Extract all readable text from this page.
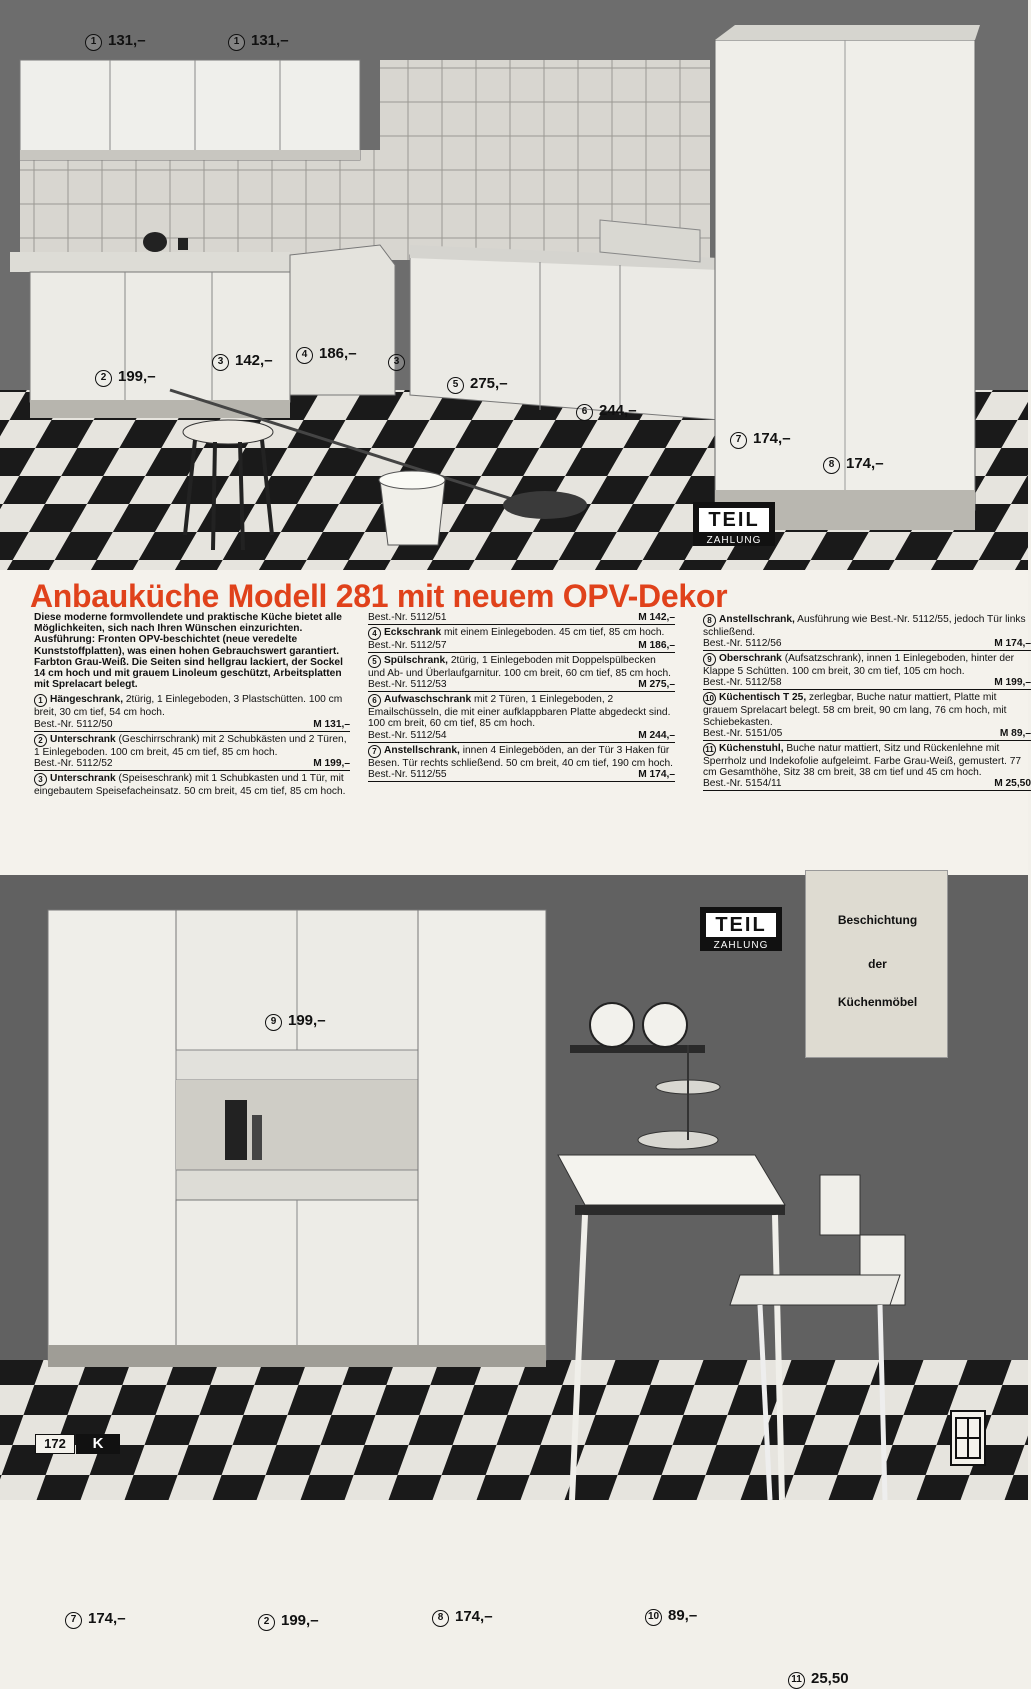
1 131,–	1 131,–
2 199,–
3 142,–	4 186,–	3
5 275,–
6 244,–
7 174,–
8 174,–
TEIL
ZAHLUNG
Anbauküche Modell 281 mit neuem OPV-Dekor
Diese moderne formvollendete und praktische Küche bietet alle Möglichkeiten, sich nach Ihren Wünschen einzurichten. Ausführung: Fronten OPV-beschichtet (neue veredelte Kunststoffplatten), was einen hohen Gebrauchswert garantiert. Farbton Grau-Weiß. Die Seiten sind hellgrau lackiert, der Sockel 14 cm hoch und mit grauem Linoleum geschützt, Arbeitsplatten mit Sprelacart belegt.
1 Hängeschrank, 2türig, 1 Einlegeboden, 3 Plastschütten. 100 cm breit, 30 cm tief, 54 cm hoch.
Best.-Nr. 5112/50	M 131,–
2 Unterschrank (Geschirrschrank) mit 2 Schubkästen und 2 Türen, 1 Einlegeboden. 100 cm breit, 45 cm tief, 85 cm hoch.
Best.-Nr. 5112/52	M 199,–
3 Unterschrank (Speiseschrank) mit 1 Schubkasten und 1 Tür, mit eingebautem Speisefacheinsatz. 50 cm breit, 45 cm tief, 85 cm hoch.
Best.-Nr. 5112/51	M 142,–
4 Eckschrank mit einem Einlegeboden. 45 cm tief, 85 cm hoch.
Best.-Nr. 5112/57	M 186,–
5 Spülschrank, 2türig, 1 Einlegeboden mit Doppelspülbecken und Ab- und Überlaufgarnitur. 100 cm breit, 60 cm tief, 85 cm hoch.
Best.-Nr. 5112/53	M 275,–
6 Aufwaschschrank mit 2 Türen, 1 Einlegeboden, 2 Emailschüsseln, die mit einer aufklappbaren Platte abgedeckt sind. 100 cm breit, 60 cm tief, 85 cm hoch.
Best.-Nr. 5112/54	M 244,–
7 Anstellschrank, innen 4 Einlegeböden, an der Tür 3 Haken für Besen. Tür rechts schließend. 50 cm breit, 40 cm tief, 190 cm hoch.
Best.-Nr. 5112/55	M 174,–
8 Anstellschrank, Ausführung wie Best.-Nr. 5112/55, jedoch Tür links schließend.
Best.-Nr. 5112/56	M 174,–
9 Oberschrank (Aufsatzschrank), innen 1 Einlegeboden, hinter der Klappe 5 Schütten. 100 cm breit, 30 cm tief, 105 cm hoch.
Best.-Nr. 5112/58	M 199,–
10 Küchentisch T 25, zerlegbar, Buche natur mattiert, Platte mit grauem Sprelacart belegt. 58 cm breit, 90 cm lang, 76 cm hoch, mit Schiebekasten.
Best.-Nr. 5151/05	M 89,–
11 Küchenstuhl, Buche natur mattiert, Sitz und Rückenlehne mit Sperrholz und Indekofolie aufgeleimt. Farbe Grau-Weiß, gemustert. 77 cm Gesamthöhe, Sitz 38 cm breit, 38 cm tief und 45 cm hoch.
Best.-Nr. 5154/11	M 25,50
9 199,–
7 174,–	2 199,–	8 174,–	10 89,–
11 25,50
TEIL
ZAHLUNG
Beschichtung
der
Küchenmöbel
172	K
